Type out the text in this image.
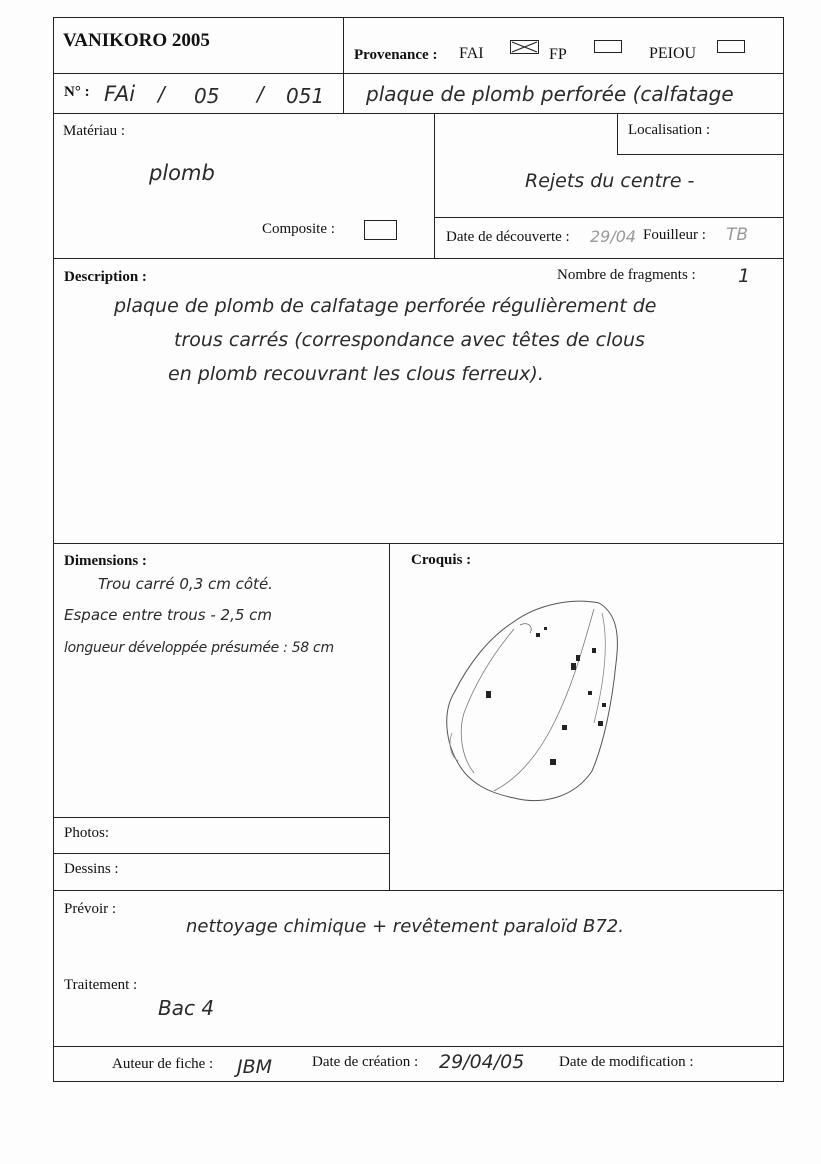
VANIKORO 2005
Provenance : FAI	FP	PEIOU
N° : FAi / 05 / 051 plaque de plomb perforée (calfatage
Matériau :
plomb
Composite :
Localisation :
Rejets du centre -
Date de découverte : 29/04 Fouilleur : TB
Description :	Nombre de fragments : 1
plaque de plomb de calfatage perforée régulièrement de
trous carrés (correspondance avec têtes de clous
en plomb recouvrant les clous ferreux).
Dimensions :
Trou carré 0,3 cm côté.
Espace entre trous - 2,5 cm
longueur développée présumée : 58 cm
Croquis :
Photos:
Dessins :
Prévoir :
nettoyage chimique + revêtement paraloïd B72.
Traitement :
Bac 4
Auteur de fiche : JBM	Date de création : 29/04/05 Date de modification :
